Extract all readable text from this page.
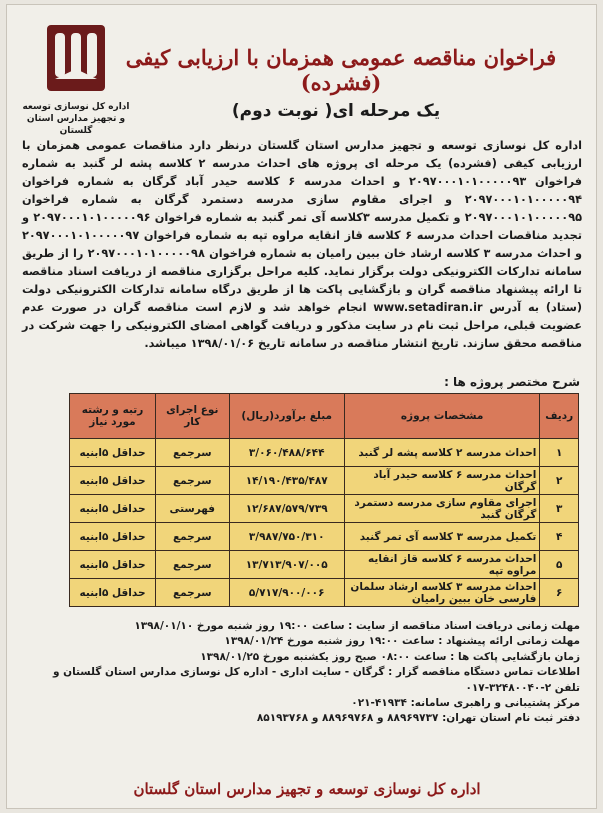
اداره کل نوسازی توسعه و تجهیز مدارس استان گلستان
فراخوان مناقصه عمومی همزمان با ارزیابی کیفی (فشرده)
یک مرحله ای( نوبت دوم)
اداره کل نوسازی توسعه و تجهیز مدارس استان گلستان درنظر دارد مناقصات عمومی همزمان با ارزیابی کیفی (فشرده) یک مرحله ای پروژه های احداث مدرسه ۲ کلاسه پشه لر گنبد به شماره فراخوان ۲۰۹۷۰۰۰۱۰۱۰۰۰۰۰۹۳ و احداث مدرسه ۶ کلاسه حیدر آباد گرگان به شماره فراخوان ۲۰۹۷۰۰۰۱۰۱۰۰۰۰۰۹۴ و اجرای مقاوم سازی مدرسه دستمرد گرگان به شماره فراخوان ۲۰۹۷۰۰۰۱۰۱۰۰۰۰۰۹۵ و تکمیل مدرسه ۳کلاسه آی تمر گنبد به شماره فراخوان ۲۰۹۷۰۰۰۱۰۱۰۰۰۰۰۹۶ و تجدید مناقصات احداث مدرسه ۶ کلاسه قاز انقایه مراوه تپه به شماره فراخوان ۲۰۹۷۰۰۰۱۰۱۰۰۰۰۰۹۷ و احداث مدرسه ۳ کلاسه ارشاد خان ببین رامیان به شماره فراخوان ۲۰۹۷۰۰۰۱۰۱۰۰۰۰۰۹۸ را از طریق سامانه تدارکات الکترونیکی دولت برگزار نماید. کلیه مراحل برگزاری مناقصه از دریافت اسناد مناقصه تا ارائه پیشنهاد مناقصه گران و بازگشایی پاکت ها از طریق درگاه سامانه تدارکات الکترونیکی دولت (ستاد) به آدرس www.setadiran.ir انجام خواهد شد و لازم است مناقصه گران در صورت عدم عضویت قبلی، مراحل ثبت نام در سایت مذکور و دریافت گواهی امضای الکترونیکی را جهت شرکت در مناقصه محقق سازند. تاریخ انتشار مناقصه در سامانه تاریخ ۱۳۹۸/۰۱/۰۶ میباشد.
شرح مختصر پروژه ها :
ردیف	مشخصات پروژه	مبلغ برآورد(ریال)	نوع اجرای کار	رتبه و رشته مورد نیاز
۱	احداث مدرسه ۲ کلاسه پشه لر گنبد	۳/۰۶۰/۴۸۸/۶۴۴	سرجمع	حداقل ۵ابنیه
۲	احداث مدرسه ۶ کلاسه حیدر آباد گرگان	۱۴/۱۹۰/۴۳۵/۴۸۷	سرجمع	حداقل ۵ابنیه
۳	اجرای مقاوم سازی مدرسه دستمرد گرگان گنبد	۱۲/۶۸۷/۵۷۹/۷۳۹	فهرستی	حداقل ۵ابنیه
۴	تکمیل مدرسه ۳ کلاسه آی تمر گنبد	۳/۹۸۷/۷۵۰/۳۱۰	سرجمع	حداقل ۵ابنیه
۵	احداث مدرسه ۶ کلاسه قاز انقایه مراوه تپه	۱۳/۷۱۳/۹۰۷/۰۰۵	سرجمع	حداقل ۵ابنیه
۶	احداث مدرسه ۳ کلاسه ارشاد سلمان فارسی خان ببین رامیان	۵/۷۱۷/۹۰۰/۰۰۶	سرجمع	حداقل ۵ابنیه
مهلت زمانی دریافت اسناد مناقصه از سایت : ساعت ۱۹:۰۰ روز شنبه مورخ ۱۳۹۸/۰۱/۱۰
مهلت زمانی ارائه پیشنهاد : ساعت ۱۹:۰۰ روز شنبه مورخ ۱۳۹۸/۰۱/۲۴
زمان بازگشایی پاکت ها : ساعت ۰۸:۰۰ صبح روز یکشنبه مورخ ۱۳۹۸/۰۱/۲۵
اطلاعات تماس دستگاه مناقصه گزار : گرگان - سایت اداری - اداره کل نوسازی مدارس استان گلستان و
تلفن ۲-۳۲۴۸۰۰۴۰-۰۱۷
مرکز پشتیبانی و راهبری سامانه: ۴۱۹۳۴-۰۲۱
دفتر ثبت نام استان تهران: ۸۸۹۶۹۷۳۷ و ۸۸۹۶۹۷۶۸ و ۸۵۱۹۳۷۶۸
اداره کل نوسازی توسعه و تجهیز مدارس استان گلستان
